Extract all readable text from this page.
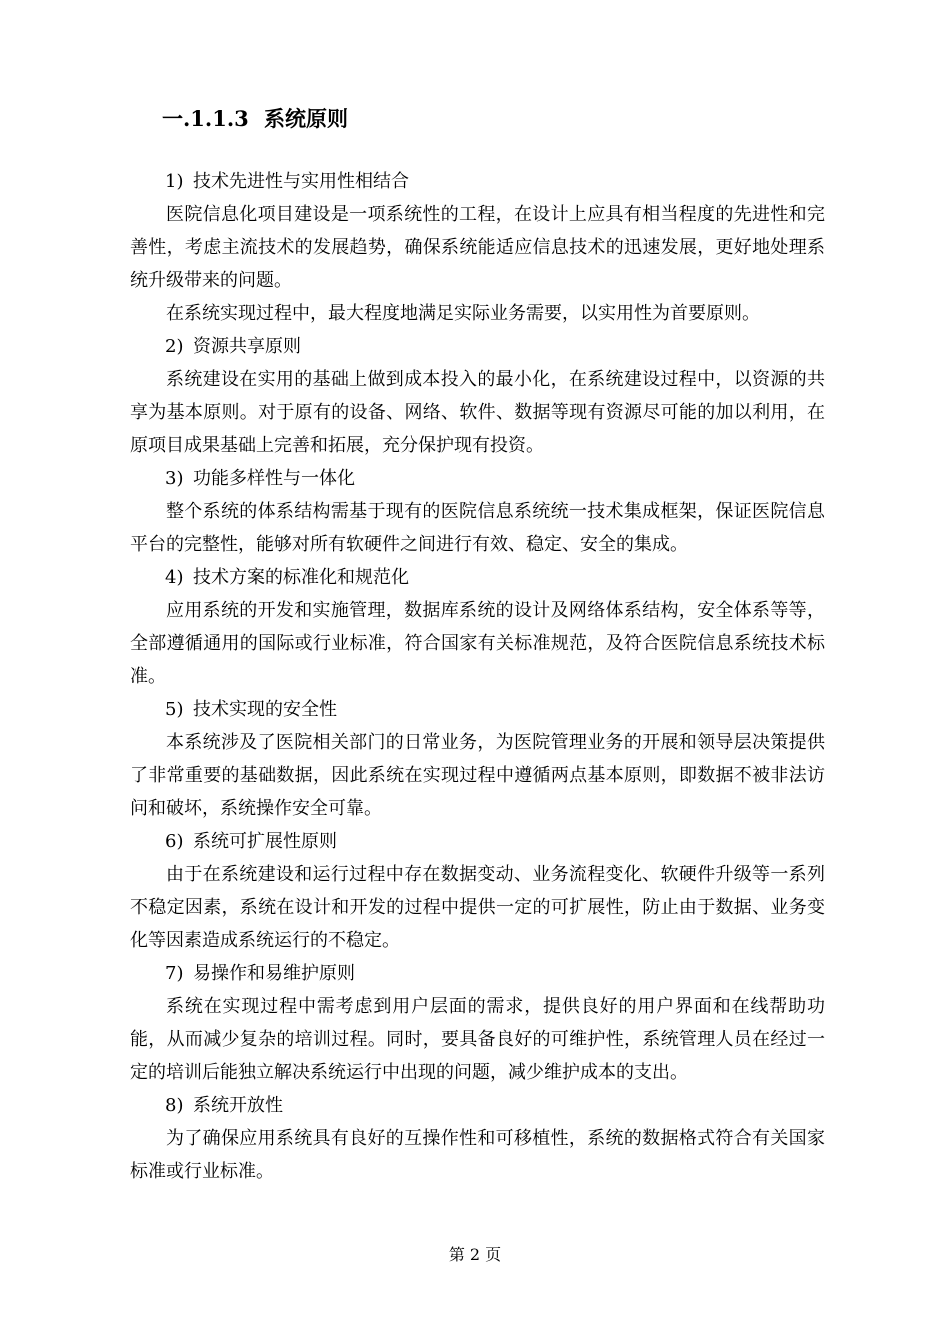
一.1.1.3 系统原则

1) 技术先进性与实用性相结合

医院信息化项目建设是一项系统性的工程，在设计上应具有相当程度的先进性和完善性，考虑主流技术的发展趋势，确保系统能适应信息技术的迅速发展，更好地处理系统升级带来的问题。

在系统实现过程中，最大程度地满足实际业务需要，以实用性为首要原则。

2) 资源共享原则

系统建设在实用的基础上做到成本投入的最小化，在系统建设过程中，以资源的共享为基本原则。对于原有的设备、网络、软件、数据等现有资源尽可能的加以利用，在原项目成果基础上完善和拓展，充分保护现有投资。

3) 功能多样性与一体化

整个系统的体系结构需基于现有的医院信息系统统一技术集成框架，保证医院信息平台的完整性，能够对所有软硬件之间进行有效、稳定、安全的集成。

4) 技术方案的标准化和规范化

应用系统的开发和实施管理，数据库系统的设计及网络体系结构，安全体系等等，全部遵循通用的国际或行业标准，符合国家有关标准规范，及符合医院信息系统技术标准。

5) 技术实现的安全性

本系统涉及了医院相关部门的日常业务，为医院管理业务的开展和领导层决策提供了非常重要的基础数据，因此系统在实现过程中遵循两点基本原则，即数据不被非法访问和破坏，系统操作安全可靠。

6) 系统可扩展性原则

由于在系统建设和运行过程中存在数据变动、业务流程变化、软硬件升级等一系列不稳定因素，系统在设计和开发的过程中提供一定的可扩展性，防止由于数据、业务变化等因素造成系统运行的不稳定。

7) 易操作和易维护原则

系统在实现过程中需考虑到用户层面的需求，提供良好的用户界面和在线帮助功能，从而减少复杂的培训过程。同时，要具备良好的可维护性，系统管理人员在经过一定的培训后能独立解决系统运行中出现的问题，减少维护成本的支出。

8) 系统开放性

为了确保应用系统具有良好的互操作性和可移植性，系统的数据格式符合有关国家标准或行业标准。

第 2 页
